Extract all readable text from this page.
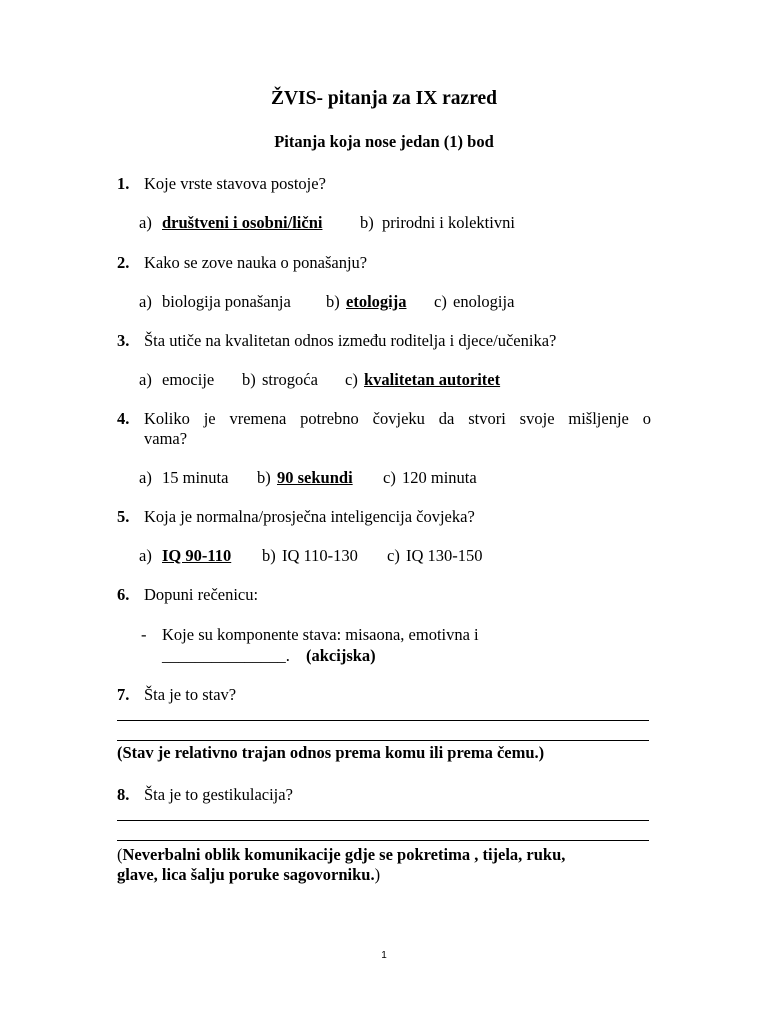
ŽVIS- pitanja za IX razred
Pitanja koja nose jedan (1) bod
1. Koje vrste stavova postoje?
a) društveni i osobni/lični b) prirodni i kolektivni
2. Kako se zove nauka o ponašanju?
a) biologija ponašanja b) etologija c) enologija
3. Šta utiče na kvalitetan odnos između roditelja i djece/učenika?
a) emocije b) strogoća c) kvalitetan autoritet
4. Koliko je vremena potrebno čovjeku da stvori svoje mišljenje o
vama?
a) 15 minuta b) 90 sekundi c) 120 minuta
5. Koja je normalna/prosječna inteligencija čovjeka?
a) IQ 90-110 b) IQ 110-130 c) IQ 130-150
6. Dopuni rečenicu:
- Koje su komponente stava: misaona, emotivna i
_______________. (akcijska)
7. Šta je to stav?
(Stav je relativno trajan odnos prema komu ili prema čemu.)
8. Šta je to gestikulacija?
(Neverbalni oblik komunikacije gdje se pokretima , tijela, ruku,
glave, lica šalju poruke sagovorniku.)
1
